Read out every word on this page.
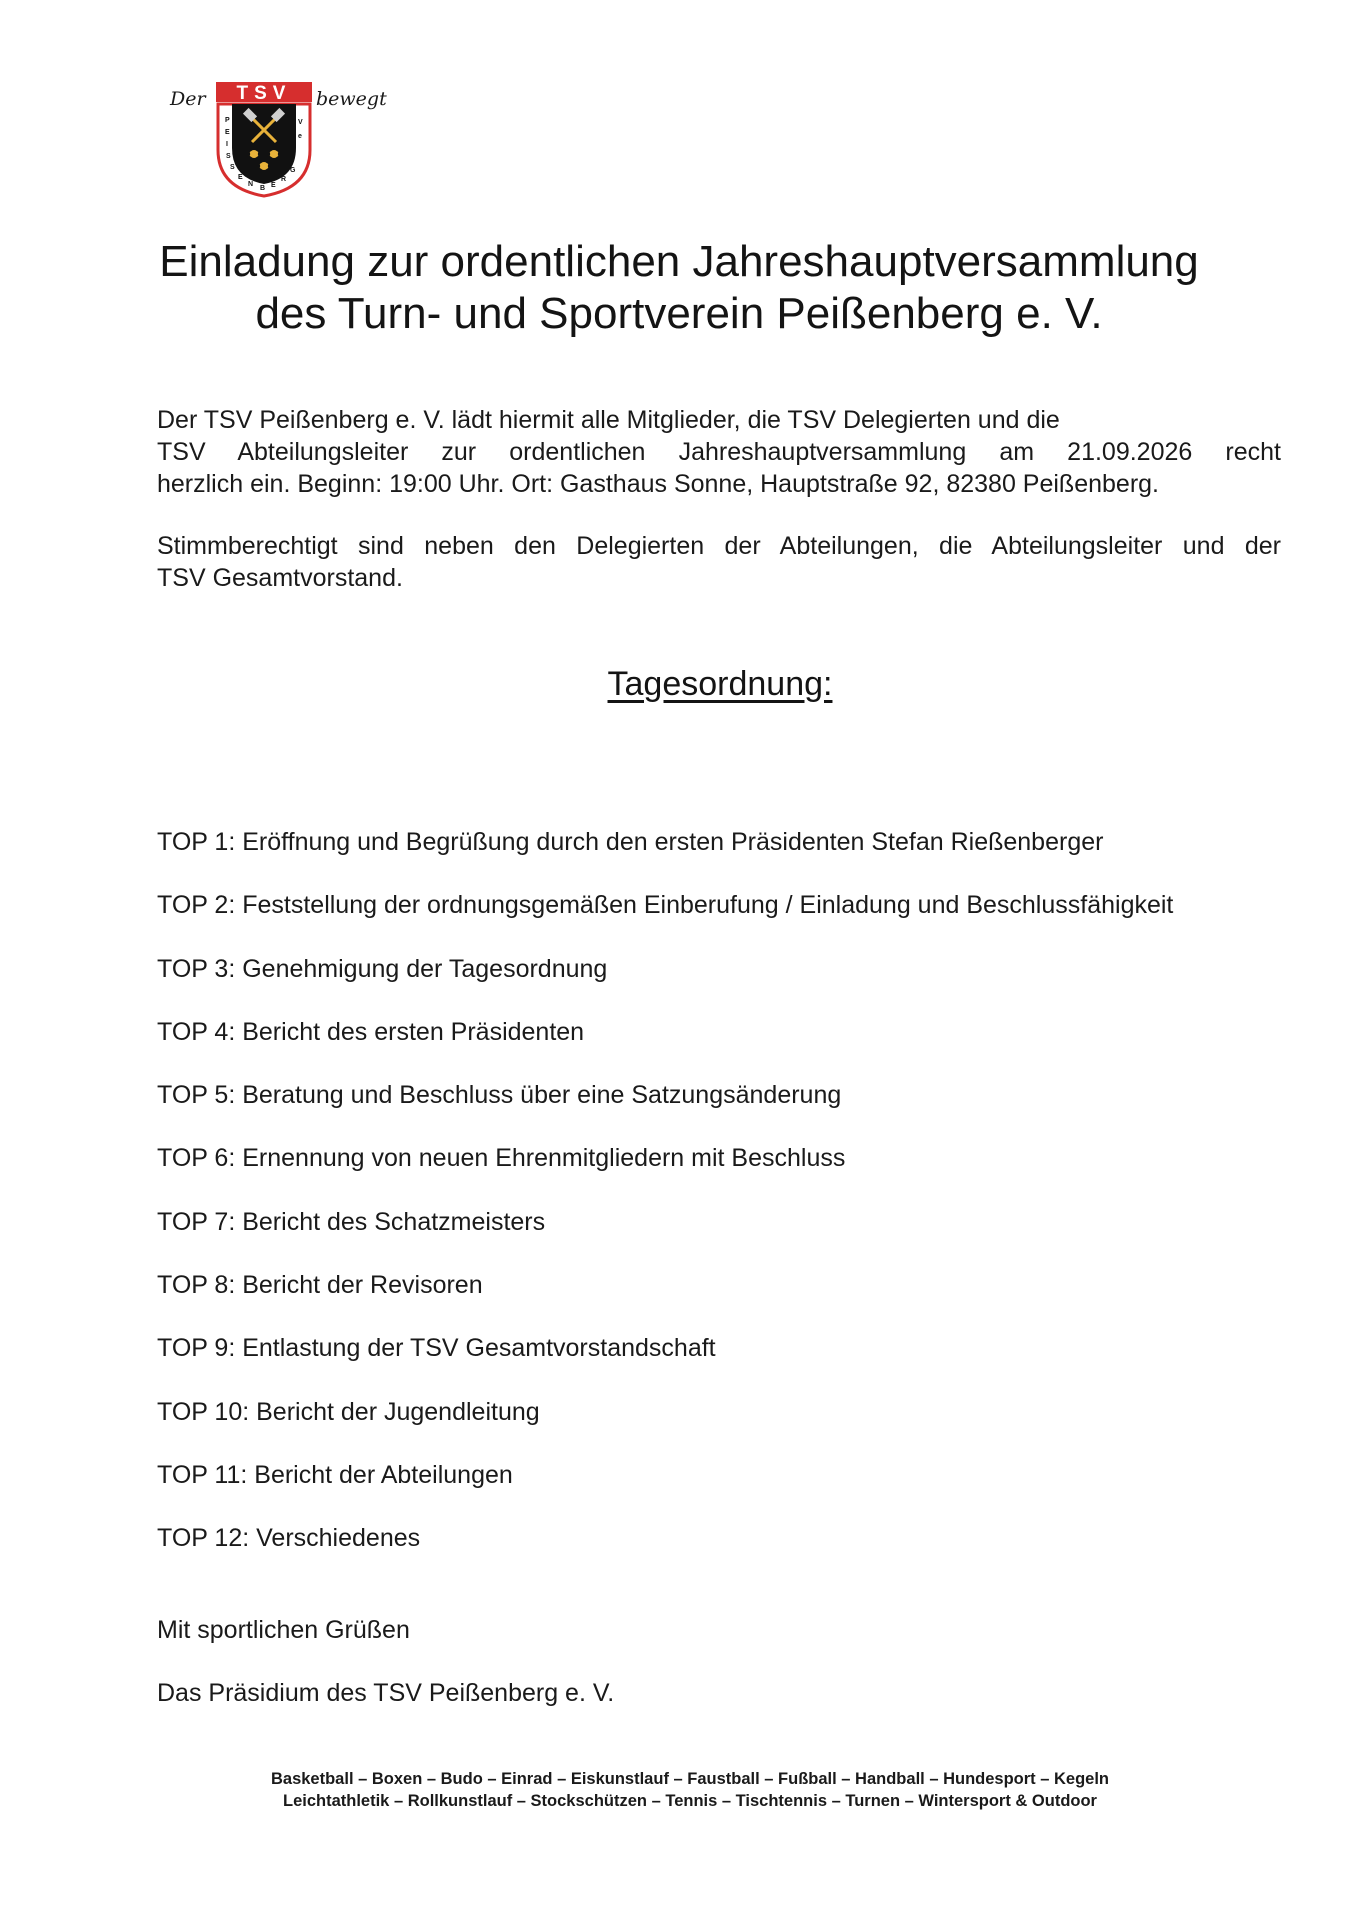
Der TSV
P
E
I
S
S
E
N
B E
R
G
V
e
bewegt
Einladung zur ordentlichen Jahreshauptversammlung
des Turn- und Sportverein Peißenberg e. V.
Der TSV Peißenberg e. V. lädt hiermit alle Mitglieder, die TSV Delegierten und die
TSV Abteilungsleiter zur ordentlichen Jahreshauptversammlung am 21.09.2026 recht
herzlich ein. Beginn: 19:00 Uhr. Ort: Gasthaus Sonne, Hauptstraße 92, 82380 Peißenberg.
Stimmberechtigt sind neben den Delegierten der Abteilungen, die Abteilungsleiter und der
TSV Gesamtvorstand.
Tagesordnung:
TOP 1: Eröffnung und Begrüßung durch den ersten Präsidenten Stefan Rießenberger
TOP 2: Feststellung der ordnungsgemäßen Einberufung / Einladung und Beschlussfähigkeit
TOP 3: Genehmigung der Tagesordnung
TOP 4: Bericht des ersten Präsidenten
TOP 5: Beratung und Beschluss über eine Satzungsänderung
TOP 6: Ernennung von neuen Ehrenmitgliedern mit Beschluss
TOP 7: Bericht des Schatzmeisters
TOP 8: Bericht der Revisoren
TOP 9: Entlastung der TSV Gesamtvorstandschaft
TOP 10: Bericht der Jugendleitung
TOP 11: Bericht der Abteilungen
TOP 12: Verschiedenes
Mit sportlichen Grüßen
Das Präsidium des TSV Peißenberg e. V.
Basketball – Boxen – Budo – Einrad – Eiskunstlauf – Faustball – Fußball – Handball – Hundesport – Kegeln
Leichtathletik – Rollkunstlauf – Stockschützen – Tennis – Tischtennis – Turnen – Wintersport & Outdoor
